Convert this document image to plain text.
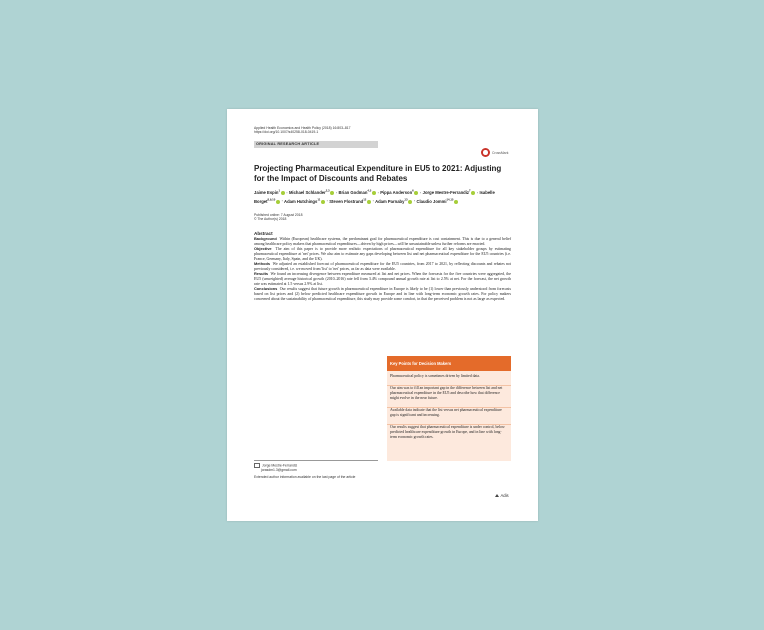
Applied Health Economics and Health Policy (2018) 16:803–817
https://doi.org/10.1007/s40258-018-0419-1
ORIGINAL RESEARCH ARTICLE
CrossMark
Projecting Pharmaceutical Expenditure in EU5 to 2021: Adjusting for the Impact of Discounts and Rebates
Jaime Espin$^1$ · Michael Schlander$^{2,3}$ · Brian Godman$^{4,5}$ · Pippa Anderson$^6$ · Jorge Mestre-Ferrandiz$^7$ · Isabelle Borget$^{8,9,10}$ · Adam Hutchings$^{11}$ · Steven Flostrand$^{12}$ · Adam Parnaby$^{13}$ · Claudio Jommi$^{14,15}$
Published online: 7 August 2018
© The Author(s) 2018
Abstract

Background Within (European) healthcare systems, the predominant goal for pharmaceutical expenditure is cost containment. This is due to a general belief among healthcare policy makers that pharmaceutical expenditures—driven by high prices—will be unsustainable unless further reforms are enacted.

Objective The aim of this paper is to provide more realistic expectations of pharmaceutical expenditure for all key stakeholder groups by estimating pharmaceutical expenditure at 'net' prices. We also aim to estimate any gaps developing between list and net pharmaceutical expenditure for the EU5 countries (i.e. France, Germany, Italy, Spain, and the UK).

Methods We adjusted an established forecast of pharmaceutical expenditure for the EU5 countries, from 2017 to 2021, by reflecting discounts and rebates not previously considered, i.e. we moved from 'list' to 'net' prices, as far as data were available.

Results We found an increasing divergence between expenditure measured at list and net prices. When the forecasts for the five countries were aggregated, the EU5 (unweighted) average historical growth (2010–2016) rate fell from 3.4% compound annual growth rate at list to 2.5% at net. For the forecast, the net growth rate was estimated at 1.5 versus 2.9% at list.

Conclusions Our results suggest that future growth in pharmaceutical expenditure in Europe is likely to be (1) lower than previously understood from forecasts based on list prices and (2) below predicted healthcare expenditure growth in Europe and in line with long-term economic growth rates. For policy makers concerned about the sustainability of pharmaceutical expenditure, this study may provide some comfort, in that the perceived problem is not as large as expected.

Key Points for Decision Makers
Pharmaceutical policy is sometimes driven by limited data.
Our aim was to fill an important gap in the difference between list and net pharmaceutical expenditure in the EU5 and describe how that difference might evolve in the near future.
Available data indicate that the list versus net pharmaceutical expenditure gap is significant and increasing.
Our results suggest that pharmaceutical expenditure is under control, below predicted healthcare expenditure growth in Europe, and in line with long-term economic growth rates.
Jorge Mestre-Ferrandiz
jorasdm1.3@gmail.com
Extended author information available on the last page of the article
Adis
